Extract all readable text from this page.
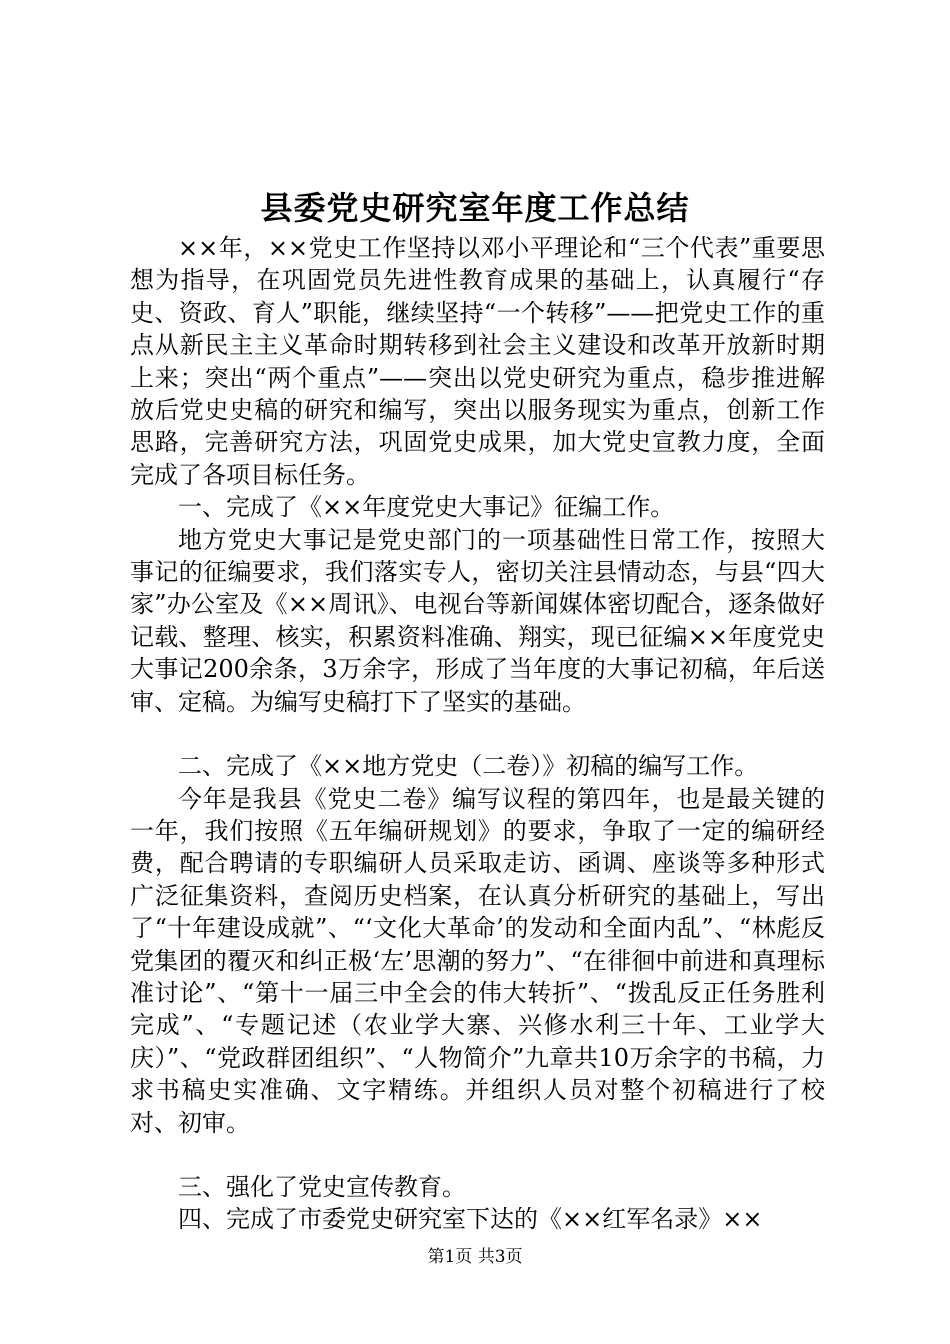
县委党史研究室年度工作总结

××年，××党史工作坚持以邓小平理论和“三个代表”重要思想为指导，在巩固党员先进性教育成果的基础上，认真履行“存史、资政、育人”职能，继续坚持“一个转移”——把党史工作的重点从新民主主义革命时期转移到社会主义建设和改革开放新时期上来；突出“两个重点”——突出以党史研究为重点，稳步推进解放后党史史稿的研究和编写，突出以服务现实为重点，创新工作思路，完善研究方法，巩固党史成果，加大党史宣教力度，全面完成了各项目标任务。

一、完成了《××年度党史大事记》征编工作。

地方党史大事记是党史部门的一项基础性日常工作，按照大事记的征编要求，我们落实专人，密切关注县情动态，与县“四大家”办公室及《××周讯》、电视台等新闻媒体密切配合，逐条做好记载、整理、核实，积累资料准确、翔实，现已征编××年度党史大事记200余条，3万余字，形成了当年度的大事记初稿，年后送审、定稿。为编写史稿打下了坚实的基础。

二、完成了《××地方党史（二卷）》初稿的编写工作。

今年是我县《党史二卷》编写议程的第四年，也是最关键的一年，我们按照《五年编研规划》的要求，争取了一定的编研经费，配合聘请的专职编研人员采取走访、函调、座谈等多种形式广泛征集资料，查阅历史档案，在认真分析研究的基础上，写出了“十年建设成就”、“‘文化大革命’的发动和全面内乱”、“林彪反党集团的覆灭和纠正极‘左’思潮的努力”、“在徘徊中前进和真理标准讨论”、“第十一届三中全会的伟大转折”、“拨乱反正任务胜利完成”、“专题记述（农业学大寨、兴修水利三十年、工业学大庆）”、“党政群团组织”、“人物简介”九章共10万余字的书稿，力求书稿史实准确、文字精练。并组织人员对整个初稿进行了校对、初审。

三、强化了党史宣传教育。

四、完成了市委党史研究室下达的《××红军名录》××

第1页 共3页
